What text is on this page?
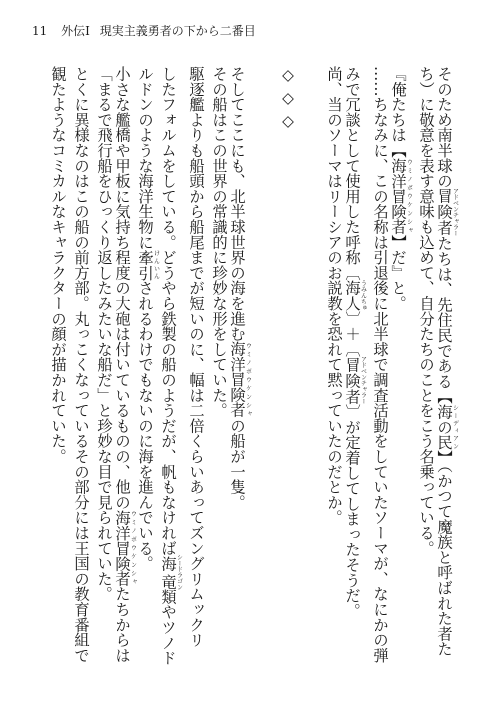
11 外伝Ⅰ 現実主義勇者の下から二番目
そのため南半球の冒険者アドベンチャラーたちは、先住民である【海の民シーディアン】（かつて魔族と呼ばれた者た
ち）に敬意を表す意味も込めて、自分たちのことをこう名乗っている。
『俺たちは【海洋冒険者ウミノボウケンシャ】だ』と。
……ちなみに、この名称は引退後に北半球で調査活動をしていたソーマが、なにかの弾
みで冗談として使用した呼称〔海人うみんちゅ〕＋〔冒険者アドベンチャラー〕が定着してしまったそうだ。
尚、当のソーマはリーシアのお説教を恐れて黙っていたのだとか。
◇◇◇
そしてここにも、北半球世界の海を進む海洋冒険者ウミノボウケンシャの船が一隻。
その船はこの世界の常識的に珍妙な形をしていた。
駆逐艦よりも船頭から船尾までが短いのに、幅は二倍くらいあってズングリムックリ
したフォルムをしている。どうやら鉄製の船のようだが、帆もなければ海竜シードラゴン類やツノド
ルドンのような海洋生物に牽引けんいんされるわけでもないのに海を進んでいる。
小さな艦橋や甲板に気持ち程度の大砲は付いているものの、他の海洋冒険者ウミノボウケンシャたちからは
「まるで飛行船をひっくり返したみたいな船だ」と珍妙な目で見られていた。
とくに異様なのはこの船の前方部。丸っこくなっているその部分には王国の教育番組で
観たようなコミカルなキャラクターの顔が描かれていた。
